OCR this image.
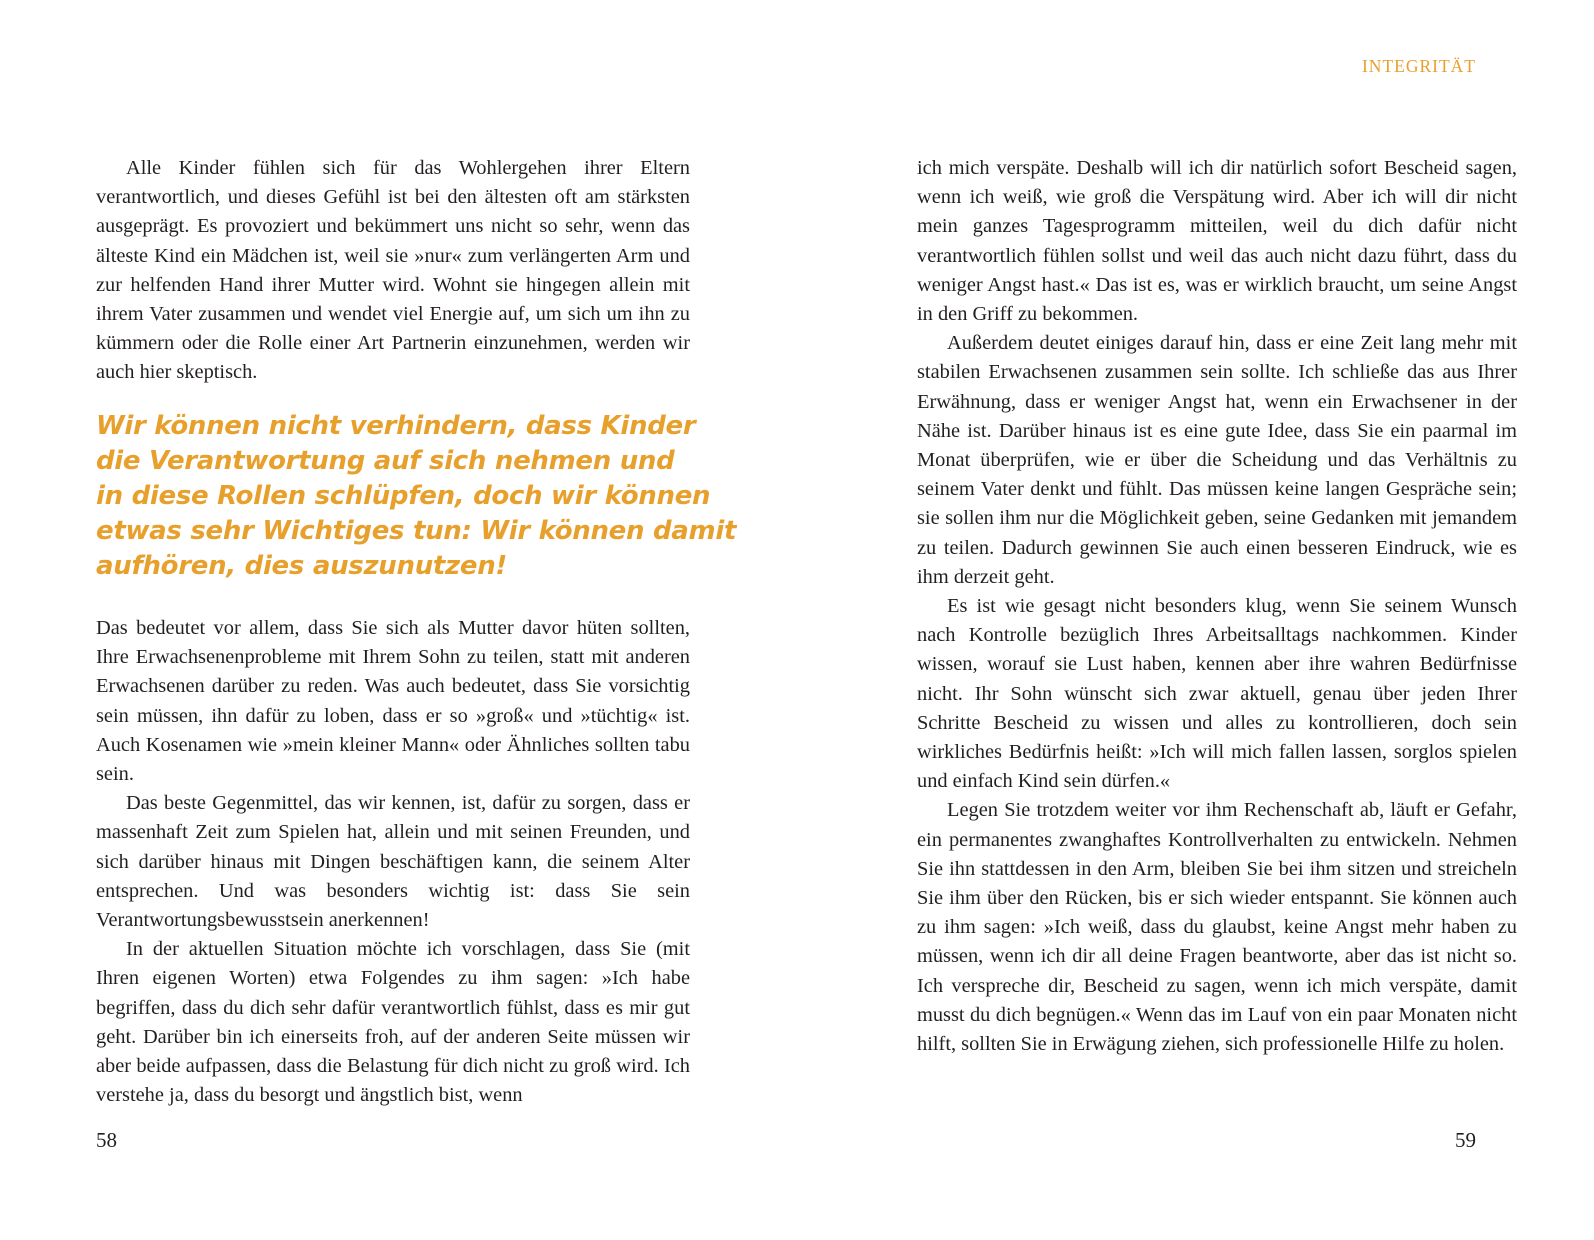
Alle Kinder fühlen sich für das Wohlergehen ihrer Eltern verantwortlich, und dieses Gefühl ist bei den ältesten oft am stärksten ausgeprägt. Es provoziert und bekümmert uns nicht so sehr, wenn das älteste Kind ein Mädchen ist, weil sie »nur« zum verlängerten Arm und zur helfenden Hand ihrer Mutter wird. Wohnt sie hingegen allein mit ihrem Vater zusammen und wendet viel Energie auf, um sich um ihn zu kümmern oder die Rolle einer Art Partnerin einzunehmen, werden wir auch hier skeptisch.

Wir können nicht verhindern, dass Kinder
die Verantwortung auf sich nehmen und
in diese Rollen schlüpfen, doch wir können
etwas sehr Wichtiges tun: Wir können damit
aufhören, dies auszunutzen!

Das bedeutet vor allem, dass Sie sich als Mutter davor hüten sollten, Ihre Erwachsenenprobleme mit Ihrem Sohn zu teilen, statt mit anderen Erwachsenen darüber zu reden. Was auch bedeutet, dass Sie vorsichtig sein müssen, ihn dafür zu loben, dass er so »groß« und »tüchtig« ist. Auch Kosenamen wie »mein kleiner Mann« oder Ähnliches sollten tabu sein.

Das beste Gegenmittel, das wir kennen, ist, dafür zu sorgen, dass er massenhaft Zeit zum Spielen hat, allein und mit seinen Freunden, und sich darüber hinaus mit Dingen beschäftigen kann, die seinem Alter entsprechen. Und was besonders wichtig ist: dass Sie sein Verantwortungsbewusstsein anerkennen!

In der aktuellen Situation möchte ich vorschlagen, dass Sie (mit Ihren eigenen Worten) etwa Folgendes zu ihm sagen: »Ich habe begriffen, dass du dich sehr dafür verantwortlich fühlst, dass es mir gut geht. Darüber bin ich einerseits froh, auf der anderen Seite müssen wir aber beide aufpassen, dass die Belastung für dich nicht zu groß wird. Ich verstehe ja, dass du besorgt und ängstlich bist, wenn

58
INTEGRITÄT

ich mich verspäte. Deshalb will ich dir natürlich sofort Bescheid sagen, wenn ich weiß, wie groß die Verspätung wird. Aber ich will dir nicht mein ganzes Tagesprogramm mitteilen, weil du dich dafür nicht verantwortlich fühlen sollst und weil das auch nicht dazu führt, dass du weniger Angst hast.« Das ist es, was er wirklich braucht, um seine Angst in den Griff zu bekommen.

Außerdem deutet einiges darauf hin, dass er eine Zeit lang mehr mit stabilen Erwachsenen zusammen sein sollte. Ich schließe das aus Ihrer Erwähnung, dass er weniger Angst hat, wenn ein Erwachsener in der Nähe ist. Darüber hinaus ist es eine gute Idee, dass Sie ein paarmal im Monat überprüfen, wie er über die Scheidung und das Verhältnis zu seinem Vater denkt und fühlt. Das müssen keine langen Gespräche sein; sie sollen ihm nur die Möglichkeit geben, seine Gedanken mit jemandem zu teilen. Dadurch gewinnen Sie auch einen besseren Eindruck, wie es ihm derzeit geht.

Es ist wie gesagt nicht besonders klug, wenn Sie seinem Wunsch nach Kontrolle bezüglich Ihres Arbeitsalltags nachkommen. Kinder wissen, worauf sie Lust haben, kennen aber ihre wahren Bedürfnisse nicht. Ihr Sohn wünscht sich zwar aktuell, genau über jeden Ihrer Schritte Bescheid zu wissen und alles zu kontrollieren, doch sein wirkliches Bedürfnis heißt: »Ich will mich fallen lassen, sorglos spielen und einfach Kind sein dürfen.«

Legen Sie trotzdem weiter vor ihm Rechenschaft ab, läuft er Gefahr, ein permanentes zwanghaftes Kontrollverhalten zu entwickeln. Nehmen Sie ihn stattdessen in den Arm, bleiben Sie bei ihm sitzen und streicheln Sie ihm über den Rücken, bis er sich wieder entspannt. Sie können auch zu ihm sagen: »Ich weiß, dass du glaubst, keine Angst mehr haben zu müssen, wenn ich dir all deine Fragen beantworte, aber das ist nicht so. Ich verspreche dir, Bescheid zu sagen, wenn ich mich verspäte, damit musst du dich begnügen.« Wenn das im Lauf von ein paar Monaten nicht hilft, sollten Sie in Erwägung ziehen, sich professionelle Hilfe zu holen.

59
